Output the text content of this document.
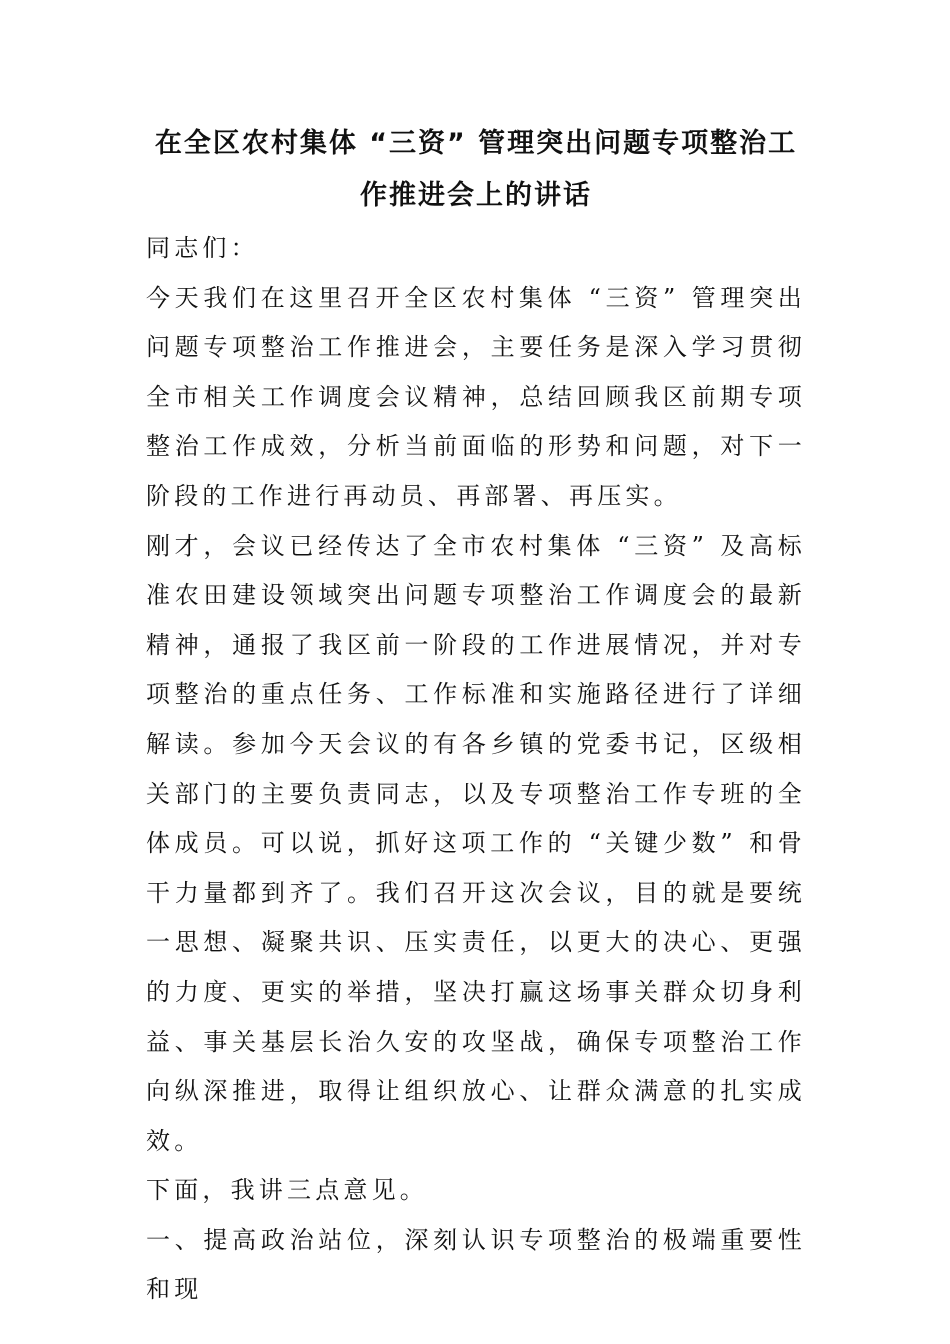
在全区农村集体 “三资” 管理突出问题专项整治工
作推进会上的讲话

同志们：

今天我们在这里召开全区农村集体 “三资” 管理突出问题专项整治工作推进会，主要任务是深入学习贯彻全市相关工作调度会议精神，总结回顾我区前期专项整治工作成效，分析当前面临的形势和问题，对下一阶段的工作进行再动员、再部署、再压实。

刚才，会议已经传达了全市农村集体 “三资” 及高标准农田建设领域突出问题专项整治工作调度会的最新精神，通报了我区前一阶段的工作进展情况，并对专项整治的重点任务、工作标准和实施路径进行了详细解读。参加今天会议的有各乡镇的党委书记，区级相关部门的主要负责同志，以及专项整治工作专班的全体成员。可以说，抓好这项工作的 “关键少数” 和骨干力量都到齐了。我们召开这次会议，目的就是要统一思想、凝聚共识、压实责任，以更大的决心、更强的力度、更实的举措，坚决打赢这场事关群众切身利益、事关基层长治久安的攻坚战，确保专项整治工作向纵深推进，取得让组织放心、让群众满意的扎实成效。

下面，我讲三点意见。

一、提高政治站位，深刻认识专项整治的极端重要性和现
